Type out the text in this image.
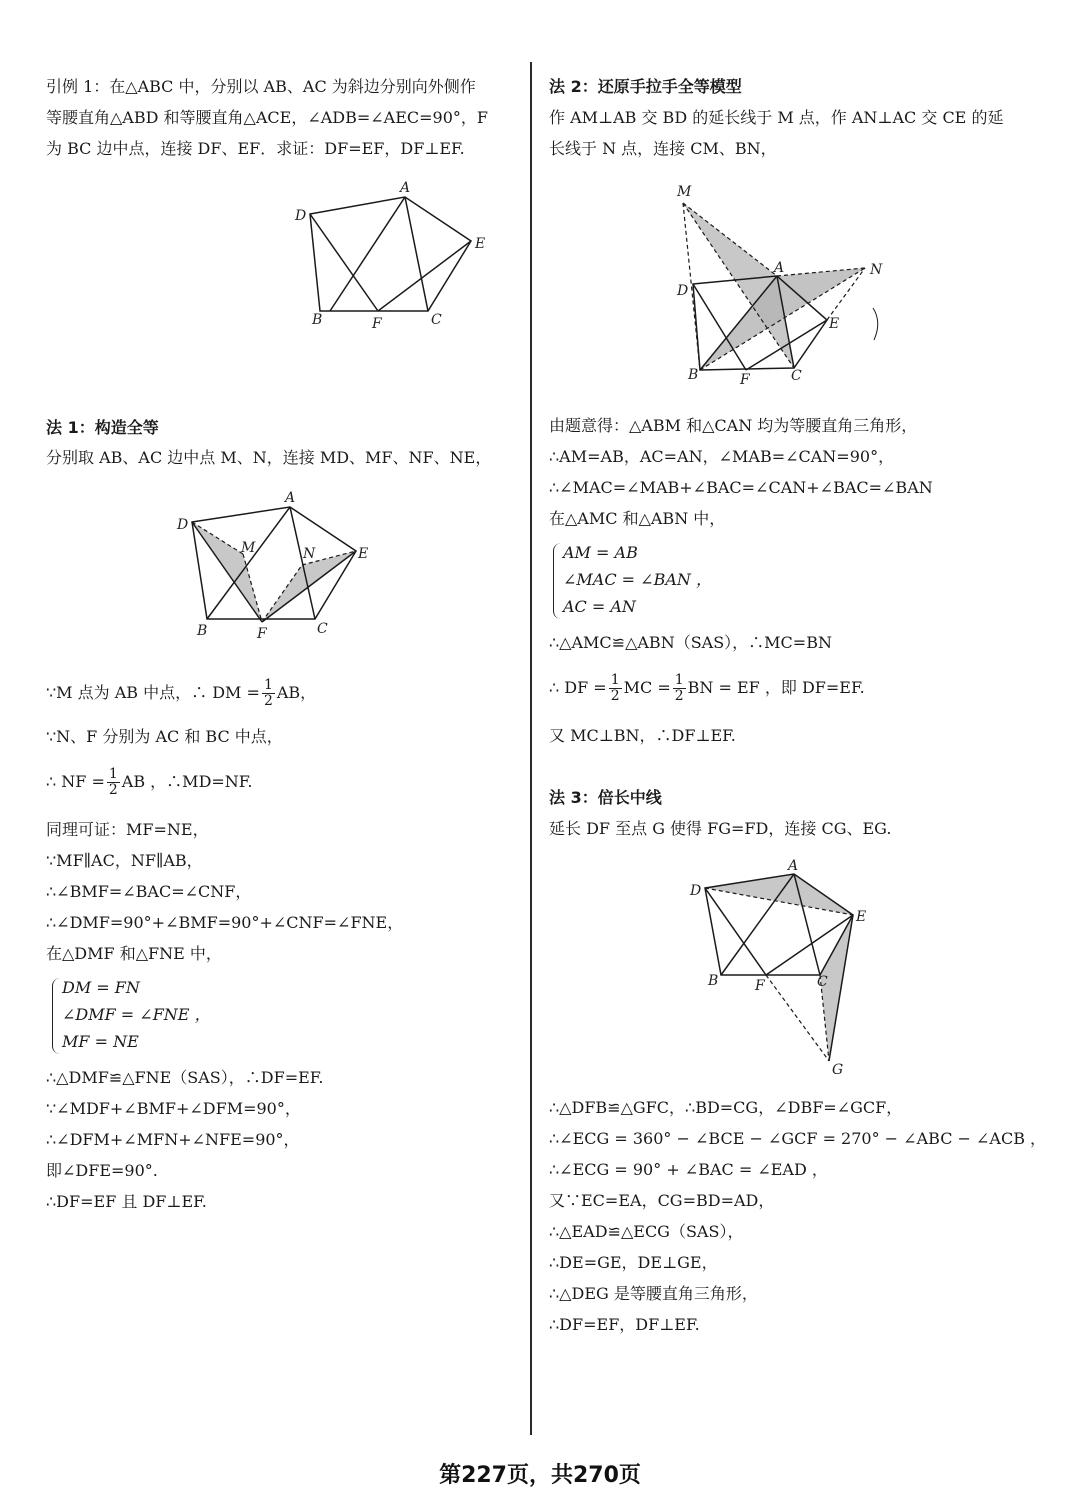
引例 1：在△ABC 中，分别以 AB、AC 为斜边分别向外侧作
等腰直角△ABD 和等腰直角△ACE，∠ADB=∠AEC=90°，F
为 BC 边中点，连接 DF、EF．求证：DF=EF，DF⊥EF.
A
D
E
B	F	C
法 1：构造全等
分别取 AB、AC 边中点 M、N，连接 MD、MF、NF、NE，
A
D
M	N	E
B	F	C
∵M 点为 AB 中点，∴ DM = $\frac{1}{2}$ AB，
∵N、F 分别为 AC 和 BC 中点，
∴ NF = $\frac{1}{2}$ AB ，∴MD=NF.
同理可证：MF=NE，
∵MF∥AC，NF∥AB，
∴∠BMF=∠BAC=∠CNF，
∴∠DMF=90°+∠BMF=90°+∠CNF=∠FNE，
在△DMF 和△FNE 中，
DM = FN
∠DMF = ∠FNE ，
MF = NE
∴△DMF≌△FNE（SAS），∴DF=EF.
∵∠MDF+∠BMF+∠DFM=90°，
∴∠DFM+∠MFN+∠NFE=90°，
即∠DFE=90°.
∴DF=EF 且 DF⊥EF.
法 2：还原手拉手全等模型
作 AM⊥AB 交 BD 的延长线于 M 点，作 AN⊥AC 交 CE 的延
长线于 N 点，连接 CM、BN，
M
A	N
D
E
B	F	C
由题意得：△ABM 和△CAN 均为等腰直角三角形，
∴AM=AB，AC=AN，∠MAB=∠CAN=90°，
∴∠MAC=∠MAB+∠BAC=∠CAN+∠BAC=∠BAN
在△AMC 和△ABN 中，
AM = AB
∠MAC = ∠BAN ，
AC = AN
∴△AMC≌△ABN（SAS），∴MC=BN
∴ DF = $\frac{1}{2}$ MC = $\frac{1}{2}$ BN = EF ，即 DF=EF.
又 MC⊥BN，∴DF⊥EF.
法 3：倍长中线
延长 DF 至点 G 使得 FG=FD，连接 CG、EG.
A
D
E
B	F	C
G
∴△DFB≌△GFC，∴BD=CG，∠DBF=∠GCF，
∴∠ECG = 360° − ∠BCE − ∠GCF = 270° − ∠ABC − ∠ACB ，
∴∠ECG = 90° + ∠BAC = ∠EAD ，
又∵EC=EA，CG=BD=AD，
∴△EAD≌△ECG（SAS），
∴DE=GE，DE⊥GE，
∴△DEG 是等腰直角三角形，
∴DF=EF，DF⊥EF.
第227页，共270页
